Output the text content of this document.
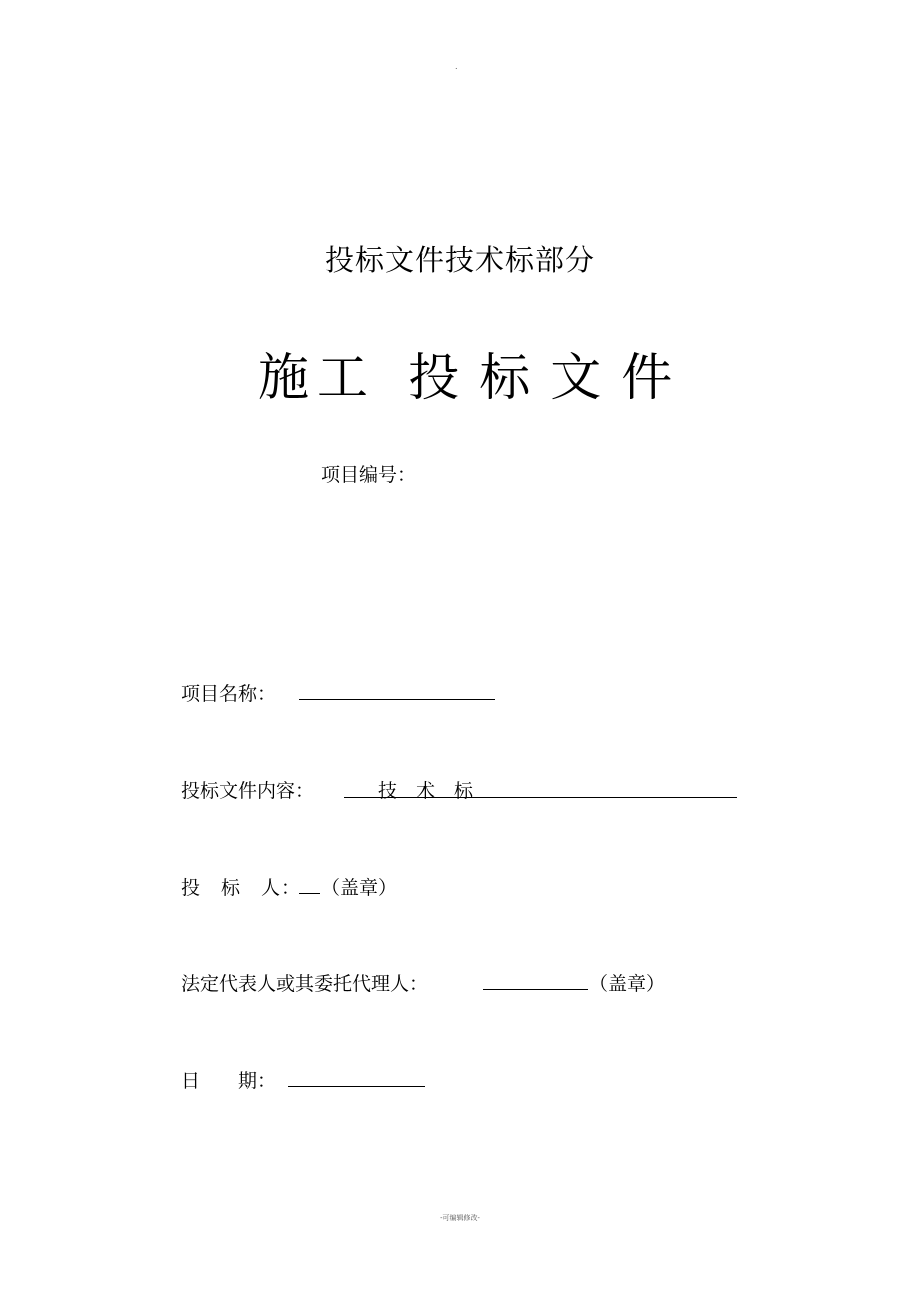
.
投标文件技术标部分
施工 投标文件
项目编号：
项目名称：
投标文件内容：	技　术　标
投　标　人： （盖章）
法定代表人或其委托代理人：	（盖章）
日　　期：
-可编辑修改-
